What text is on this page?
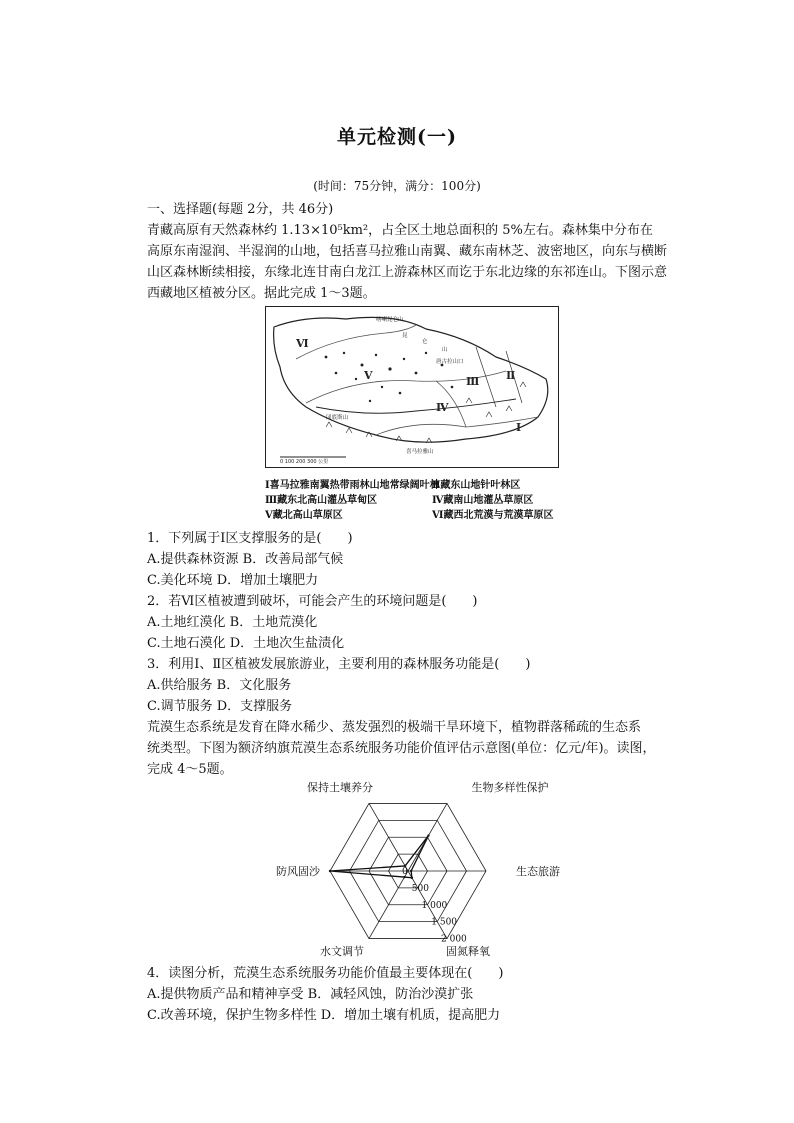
单元检测(一)
(时间：75分钟，满分：100分)
一、选择题(每题 2分，共 46分)
青藏高原有天然森林约 1.13×10⁵km²，占全区土地总面积的 5%左右。森林集中分布在
高原东南湿润、半湿润的山地，包括喜马拉雅山南翼、藏东南林芝、波密地区，向东与横断
山区森林断续相接，东缘北连甘南白龙江上游森林区而讫于东北边缘的东祁连山。下图示意
西藏地区植被分区。据此完成 1～3题。
0 100 200 300 公里
喀喇昆仑山
唐古拉山口
昆
仑
山
冈底斯山
喜马拉雅山
Ⅵ
Ⅴ
Ⅳ
Ⅲ Ⅱ
Ⅰ
Ⅰ喜马拉雅南翼热带雨林山地常绿阔叶林
Ⅱ藏东山地针叶林区
Ⅲ藏东北高山灌丛草甸区	Ⅳ藏南山地灌丛草原区
Ⅴ藏北高山草原区	Ⅵ藏西北荒漠与荒漠草原区
1．下列属于Ⅰ区支撑服务的是(　　)
A.提供森林资源 B．改善局部气候
C.美化环境 D．增加土壤肥力
2．若Ⅵ区植被遭到破坏，可能会产生的环境问题是(　　)
A.土地红漠化 B．土地荒漠化
C.土地石漠化 D．土地次生盐渍化
3．利用Ⅰ、Ⅱ区植被发展旅游业，主要利用的森林服务功能是(　　)
A.供给服务 B．文化服务
C.调节服务 D．支撑服务
荒漠生态系统是发育在降水稀少、蒸发强烈的极端干旱环境下，植物群落稀疏的生态系
统类型。下图为额济纳旗荒漠生态系统服务功能价值评估示意图(单位：亿元/年)。读图，
完成 4～5题。
0
500
1 000
1 500
2 000
保持土壤养分	生物多样性保护
生态旅游
固氮释氧
水文调节
防风固沙
4．读图分析，荒漠生态系统服务功能价值最主要体现在(　　)
A.提供物质产品和精神享受 B．减轻风蚀，防治沙漠扩张
C.改善环境，保护生物多样性 D．增加土壤有机质，提高肥力
